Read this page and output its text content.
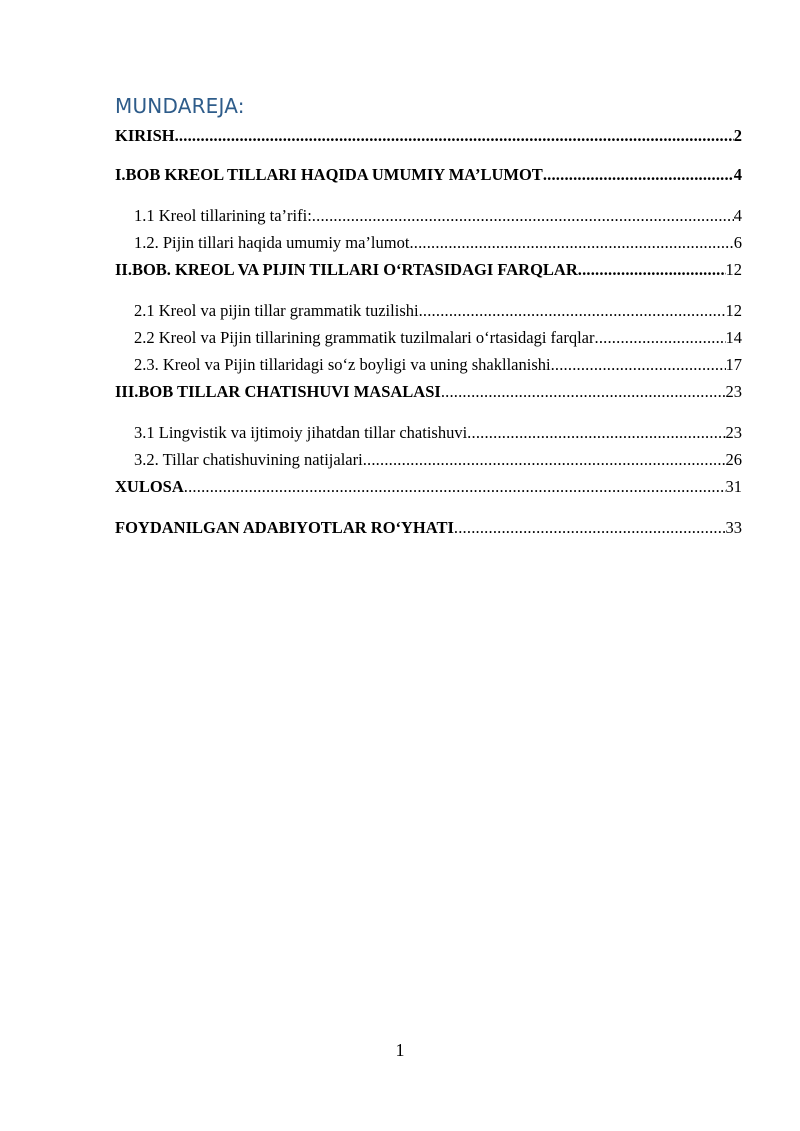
MUNDAREJA:
KIRISH .....	2
I.BOB KREOL TILLARI HAQIDA UMUMIY MA’LUMOT .....	4
1.1 Kreol tillarining ta’rifi: .....	4
1.2. Pijin tillari haqida umumiy ma’lumot .....	6
II.BOB. KREOL VA PIJIN TILLARI O‘RTASIDAGI FARQLAR .....	12
2.1 Kreol va pijin tillar grammatik tuzilishi .....	12
2.2 Kreol va Pijin tillarining grammatik tuzilmalari o‘rtasidagi farqlar .....	14
2.3. Kreol va Pijin tillaridagi so‘z boyligi va uning shakllanishi .....	17
III.BOB TILLAR CHATISHUVI MASALASI .....	23
3.1 Lingvistik va ijtimoiy jihatdan tillar chatishuvi .....	23
3.2. Tillar chatishuvining natijalari .....	26
XULOSA .....	31
FOYDANILGAN ADABIYOTLAR RO‘YHATI .....	33
1
